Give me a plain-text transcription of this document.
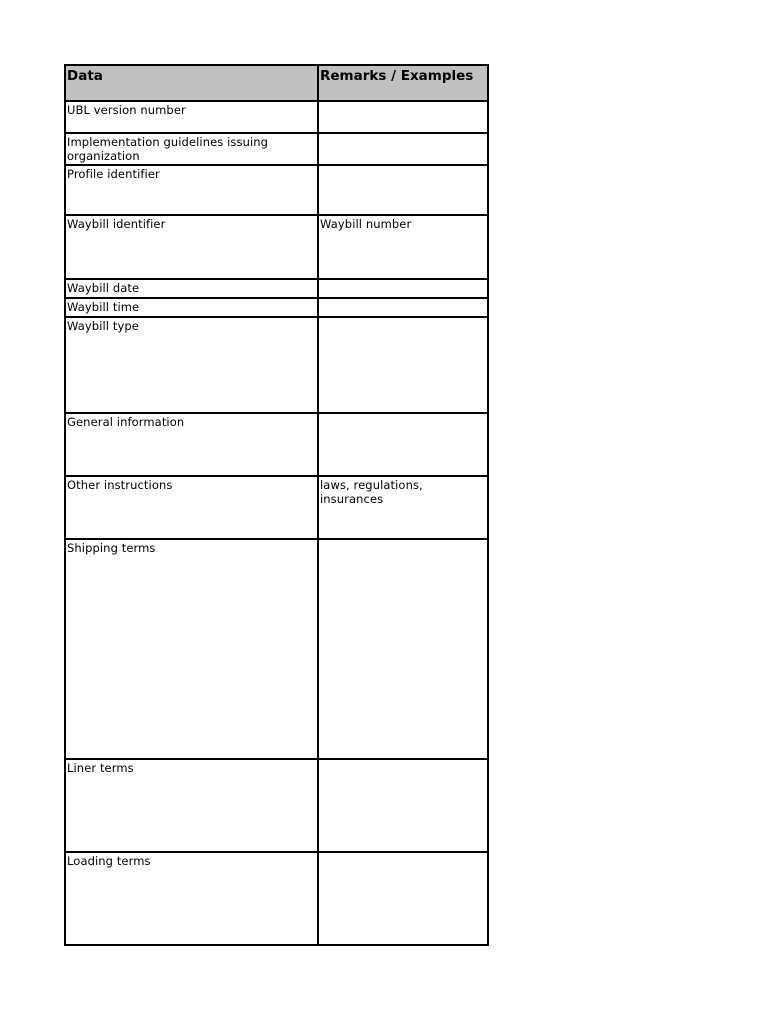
Data	Remarks / Examples
UBL version number	
Implementation guidelines issuing organization	
Profile identifier	
Waybill identifier	Waybill number
Waybill date	
Waybill time	
Waybill type	
General information	
Other instructions	laws, regulations, insurances
Shipping terms	
Liner terms	
Loading terms	
